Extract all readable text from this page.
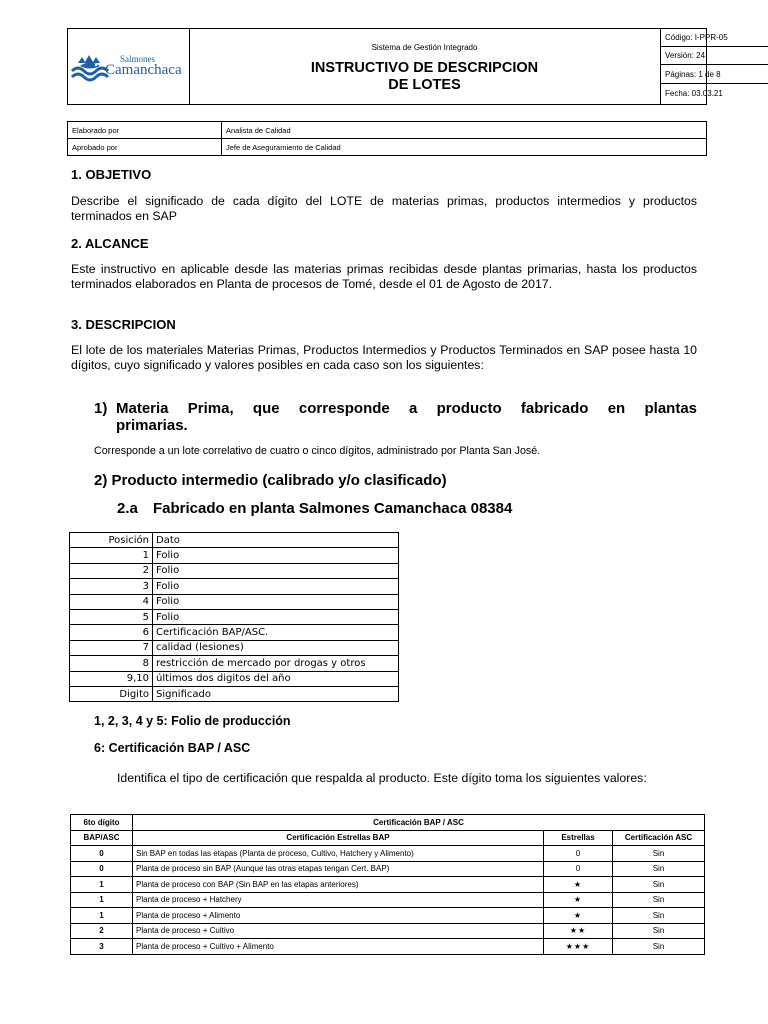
Salmones
Camanchaca
Sistema de Gestión Integrado
INSTRUCTIVO DE DESCRIPCION
DE LOTES
Código: I-PPR-05
Versión: 24
Páginas: 1 de 8
Fecha: 03.03.21
Elaborado por	Analista de Calidad
Aprobado por	Jefe de Aseguramiento de Calidad
1. OBJETIVO
Describe el significado de cada dígito del LOTE de materias primas, productos intermedios y productos terminados en SAP
2. ALCANCE
Este instructivo en aplicable desde las materias primas recibidas desde plantas primarias, hasta los productos terminados elaborados en Planta de procesos de Tomé, desde el 01 de Agosto de 2017.
3. DESCRIPCION
El lote de los materiales Materias Primas, Productos Intermedios y Productos Terminados en SAP posee hasta 10 dígitos, cuyo significado y valores posibles en cada caso son los siguientes:
1) Materia Prima, que corresponde a producto fabricado en plantas
primarias.
Corresponde a un lote correlativo de cuatro o cinco dígitos, administrado por Planta San José.
2) Producto intermedio (calibrado y/o clasificado)
2.a Fabricado en planta Salmones Camanchaca 08384
Posición	Dato
1	Folio
2	Folio
3	Folio
4	Folio
5	Folio
6	Certificación BAP/ASC.
7	calidad (lesiones)
8	restricción de mercado por drogas y otros
9,10	últimos dos digitos del año
Digito	Significado
1, 2, 3, 4 y 5: Folio de producción
6: Certificación BAP / ASC
Identifica el tipo de certificación que respalda al producto. Este dígito toma los siguientes valores:
6to dígito	Certificación BAP / ASC		
BAP/ASC	Certificación Estrellas BAP	Estrellas	Certificación ASC
0	Sin BAP en todas las etapas (Planta de proceso, Cultivo, Hatchery y Alimento)	0	Sin
0	Planta de proceso sin BAP (Aunque las otras etapas tengan Cert. BAP)	0	Sin
1	Planta de proceso con BAP (Sin BAP en las etapas anteriores)	★	Sin
1	Planta de proceso + Hatchery	★	Sin
1	Planta de proceso + Alimento	★	Sin
2	Planta de proceso + Cultivo	★★	Sin
3	Planta de proceso + Cultivo + Alimento	★★★	Sin
